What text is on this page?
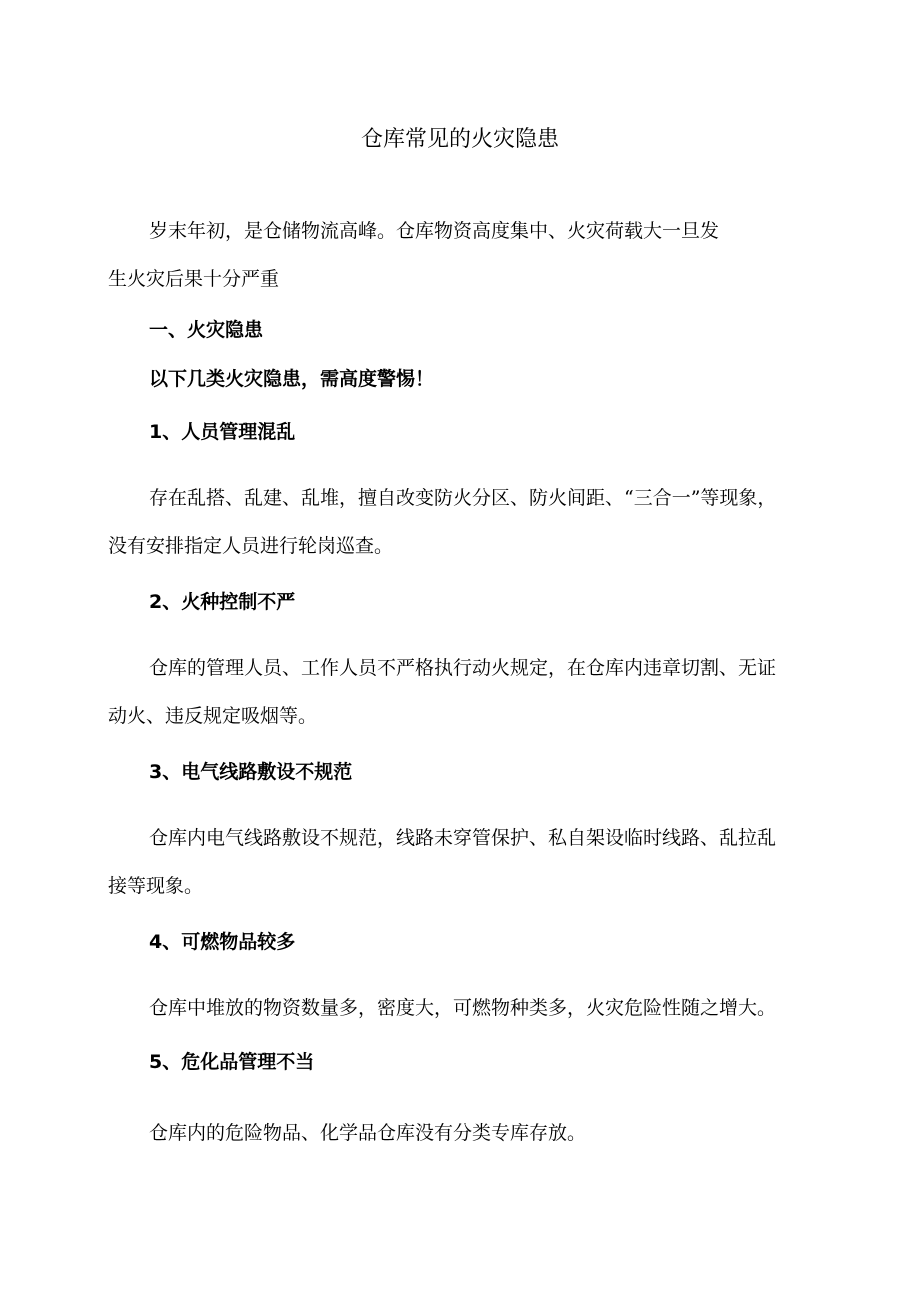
仓库常见的火灾隐患

岁末年初，是仓储物流高峰。仓库物资高度集中、火灾荷载大一旦发
生火灾后果十分严重

一、火灾隐患

以下几类火灾隐患，需高度警惕！

1、人员管理混乱

存在乱搭、乱建、乱堆，擅自改变防火分区、防火间距、“三合一”等现象，
没有安排指定人员进行轮岗巡查。

2、火种控制不严

仓库的管理人员、工作人员不严格执行动火规定，在仓库内违章切割、无证
动火、违反规定吸烟等。

3、电气线路敷设不规范

仓库内电气线路敷设不规范，线路未穿管保护、私自架设临时线路、乱拉乱
接等现象。

4、可燃物品较多

仓库中堆放的物资数量多，密度大，可燃物种类多，火灾危险性随之增大。

5、危化品管理不当

仓库内的危险物品、化学品仓库没有分类专库存放。
